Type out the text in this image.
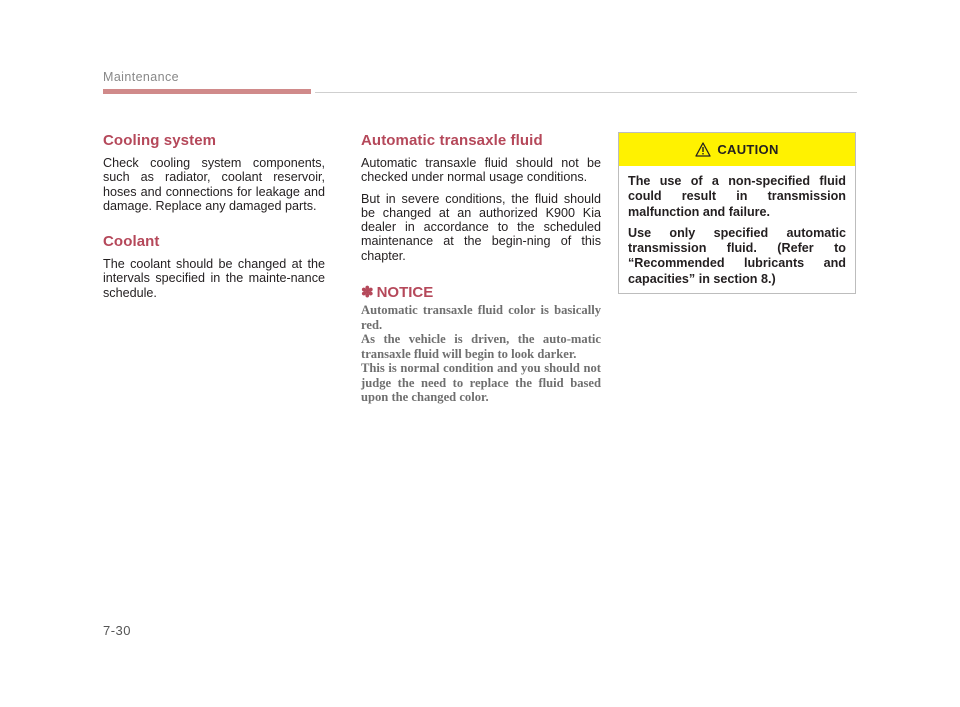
Maintenance
Cooling system

Check cooling system components, such as radiator, coolant reservoir, hoses and connections for leakage and damage. Replace any damaged parts.

Coolant

The coolant should be changed at the intervals specified in the mainte-nance schedule.

Automatic transaxle fluid

Automatic transaxle fluid should not be checked under normal usage conditions.

But in severe conditions, the fluid should be changed at an authorized K900 Kia dealer in accordance to the scheduled maintenance at the begin-ning of this chapter.

✽ NOTICE

Automatic transaxle fluid color is basically red.

As the vehicle is driven, the auto-matic transaxle fluid will begin to look darker.

This is normal condition and you should not judge the need to replace the fluid based upon the changed color.

CAUTION

The use of a non-specified fluid could result in transmission malfunction and failure.

Use only specified automatic transmission fluid. (Refer to “Recommended lubricants and capacities” in section 8.)

7-30
